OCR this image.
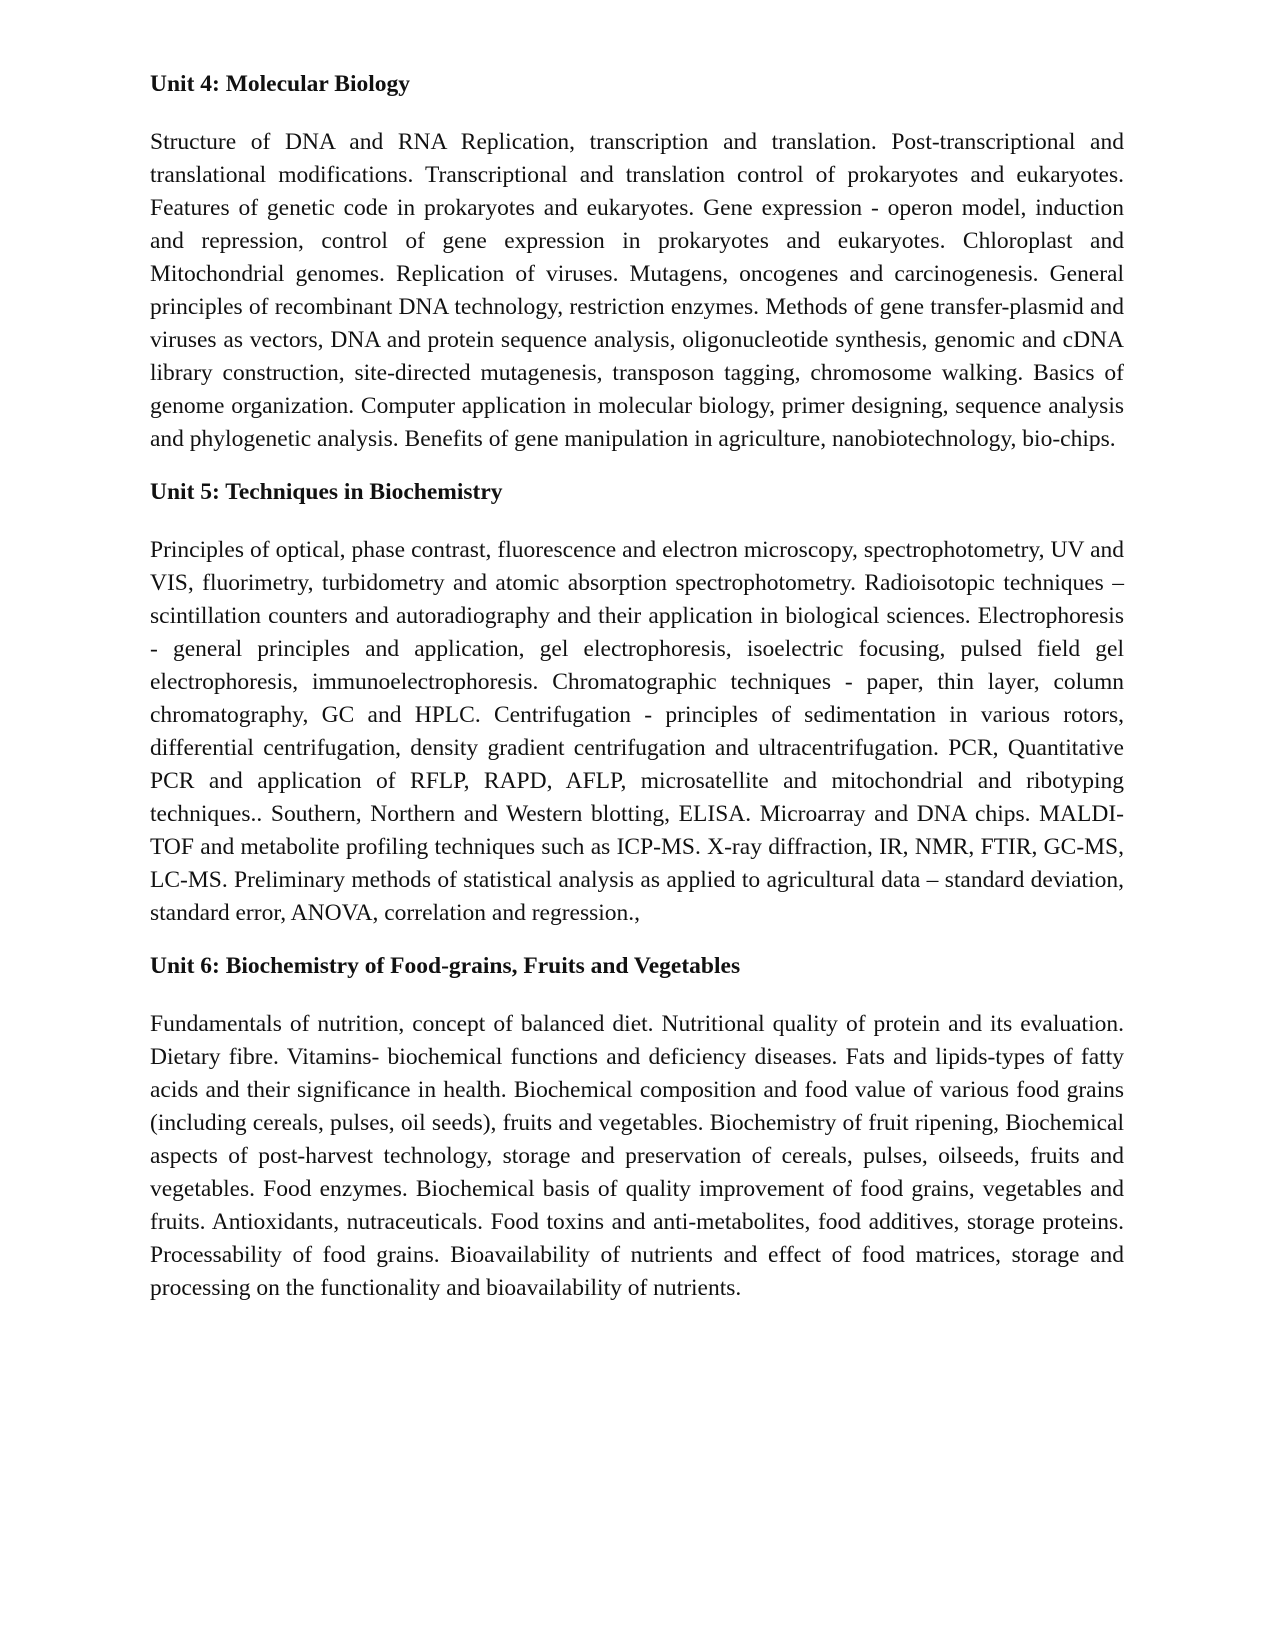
Unit 4: Molecular Biology

Structure of DNA and RNA Replication, transcription and translation. Post-transcriptional and translational modifications. Transcriptional and translation control of prokaryotes and eukaryotes. Features of genetic code in prokaryotes and eukaryotes. Gene expression - operon model, induction and repression, control of gene expression in prokaryotes and eukaryotes. Chloroplast and Mitochondrial genomes. Replication of viruses. Mutagens, oncogenes and carcinogenesis. General principles of recombinant DNA technology, restriction enzymes. Methods of gene transfer-plasmid and viruses as vectors, DNA and protein sequence analysis, oligonucleotide synthesis, genomic and cDNA library construction, site-directed mutagenesis, transposon tagging, chromosome walking. Basics of genome organization. Computer application in molecular biology, primer designing, sequence analysis and phylogenetic analysis. Benefits of gene manipulation in agriculture, nanobiotechnology, bio-chips.

Unit 5: Techniques in Biochemistry

Principles of optical, phase contrast, fluorescence and electron microscopy, spectrophotometry, UV and VIS, fluorimetry, turbidometry and atomic absorption spectrophotometry. Radioisotopic techniques – scintillation counters and autoradiography and their application in biological sciences. Electrophoresis - general principles and application, gel electrophoresis, isoelectric focusing, pulsed field gel electrophoresis, immunoelectrophoresis. Chromatographic techniques - paper, thin layer, column chromatography, GC and HPLC. Centrifugation - principles of sedimentation in various rotors, differential centrifugation, density gradient centrifugation and ultracentrifugation. PCR, Quantitative PCR and application of RFLP, RAPD, AFLP, microsatellite and mitochondrial and ribotyping techniques.. Southern, Northern and Western blotting, ELISA. Microarray and DNA chips. MALDI-TOF and metabolite profiling techniques such as ICP-MS. X-ray diffraction, IR, NMR, FTIR, GC-MS, LC-MS. Preliminary methods of statistical analysis as applied to agricultural data – standard deviation, standard error, ANOVA, correlation and regression.,

Unit 6: Biochemistry of Food-grains, Fruits and Vegetables

Fundamentals of nutrition, concept of balanced diet. Nutritional quality of protein and its evaluation. Dietary fibre. Vitamins- biochemical functions and deficiency diseases. Fats and lipids-types of fatty acids and their significance in health. Biochemical composition and food value of various food grains (including cereals, pulses, oil seeds), fruits and vegetables. Biochemistry of fruit ripening, Biochemical aspects of post-harvest technology, storage and preservation of cereals, pulses, oilseeds, fruits and vegetables. Food enzymes. Biochemical basis of quality improvement of food grains, vegetables and fruits. Antioxidants, nutraceuticals. Food toxins and anti-metabolites, food additives, storage proteins. Processability of food grains. Bioavailability of nutrients and effect of food matrices, storage and processing on the functionality and bioavailability of nutrients.
